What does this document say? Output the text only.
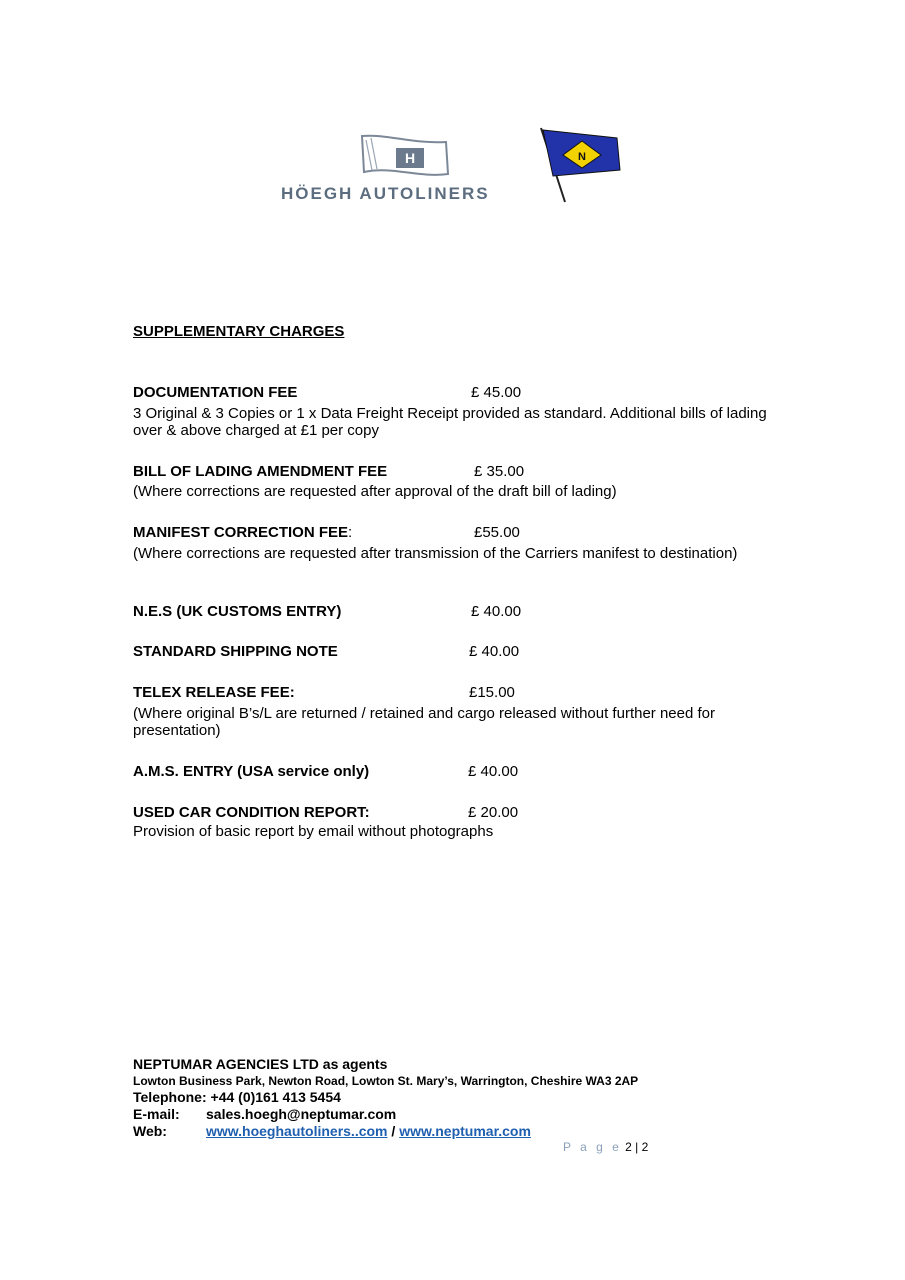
H
HÖEGH AUTOLINERS
N
SUPPLEMENTARY CHARGES
DOCUMENTATION FEE	£ 45.00
3 Original & 3 Copies or 1 x Data Freight Receipt provided as standard. Additional bills of lading over & above charged at £1 per copy
BILL OF LADING AMENDMENT FEE	£ 35.00
(Where corrections are requested after approval of the draft bill of lading)
MANIFEST CORRECTION FEE:	£55.00
(Where corrections are requested after transmission of the Carriers manifest to destination)
N.E.S (UK CUSTOMS ENTRY)	£ 40.00
STANDARD SHIPPING NOTE	£ 40.00
TELEX RELEASE FEE:	£15.00
(Where original B’s/L are returned / retained and cargo released without further need for presentation)
A.M.S. ENTRY (USA service only)	£ 40.00
USED CAR CONDITION REPORT:	£ 20.00
Provision of basic report by email without photographs
NEPTUMAR AGENCIES LTD as agents
Lowton Business Park, Newton Road, Lowton St. Mary’s, Warrington, Cheshire WA3 2AP
Telephone: +44 (0)161 413 5454
E-mail: sales.hoegh@neptumar.com
Web:	www.hoeghautoliners..com / www.neptumar.com
P a g e 2 | 2
